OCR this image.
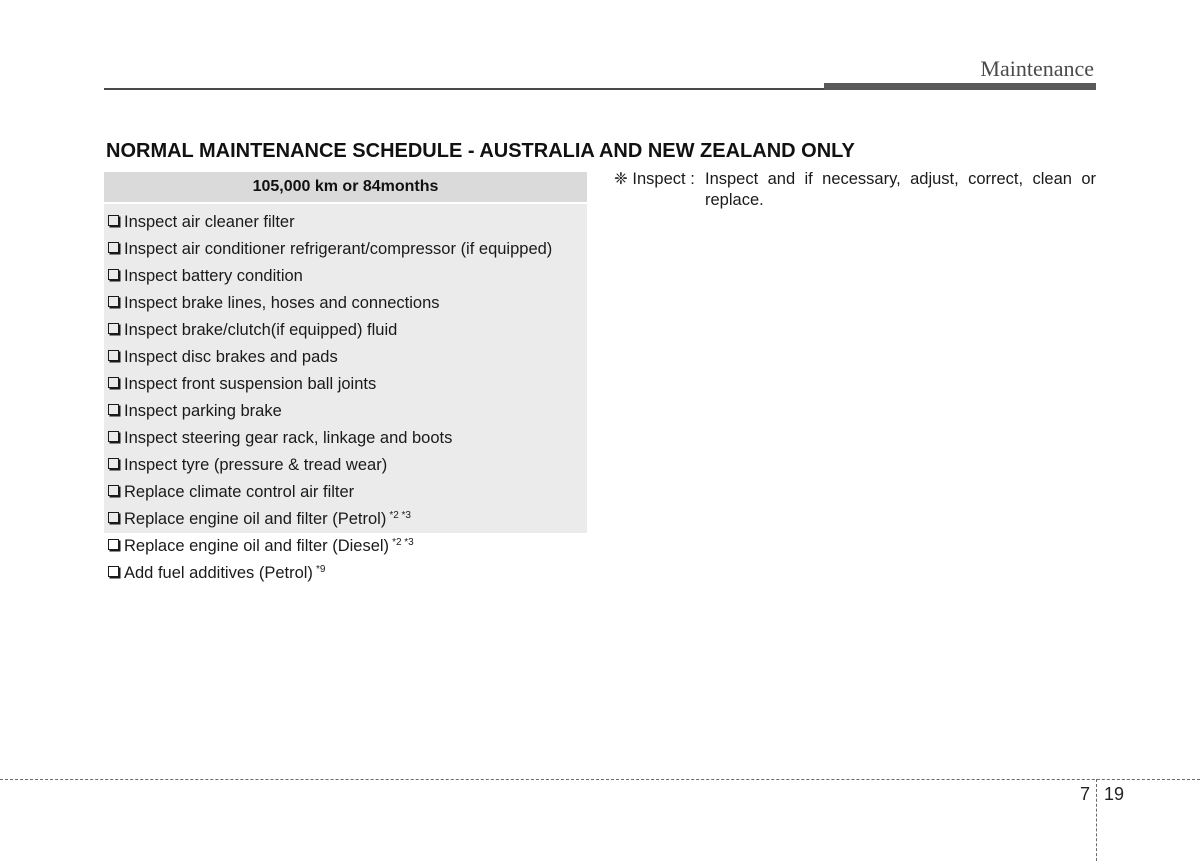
Maintenance
NORMAL MAINTENANCE SCHEDULE - AUSTRALIA AND NEW ZEALAND ONLY
105,000 km or 84months
Inspect air cleaner filter
Inspect air conditioner refrigerant/compressor (if equipped)
Inspect battery condition
Inspect brake lines, hoses and connections
Inspect brake/clutch(if equipped) fluid
Inspect disc brakes and pads
Inspect front suspension ball joints
Inspect parking brake
Inspect steering gear rack, linkage and boots
Inspect tyre (pressure & tread wear)
Replace climate control air filter
Replace engine oil and filter (Petrol) $^{*2 *3}$
Replace engine oil and filter (Diesel) $^{*2 *3}$
Add fuel additives (Petrol) $^{*9}$
❈ Inspect : Inspect and if necessary, adjust, correct, clean or replace.
7 19
